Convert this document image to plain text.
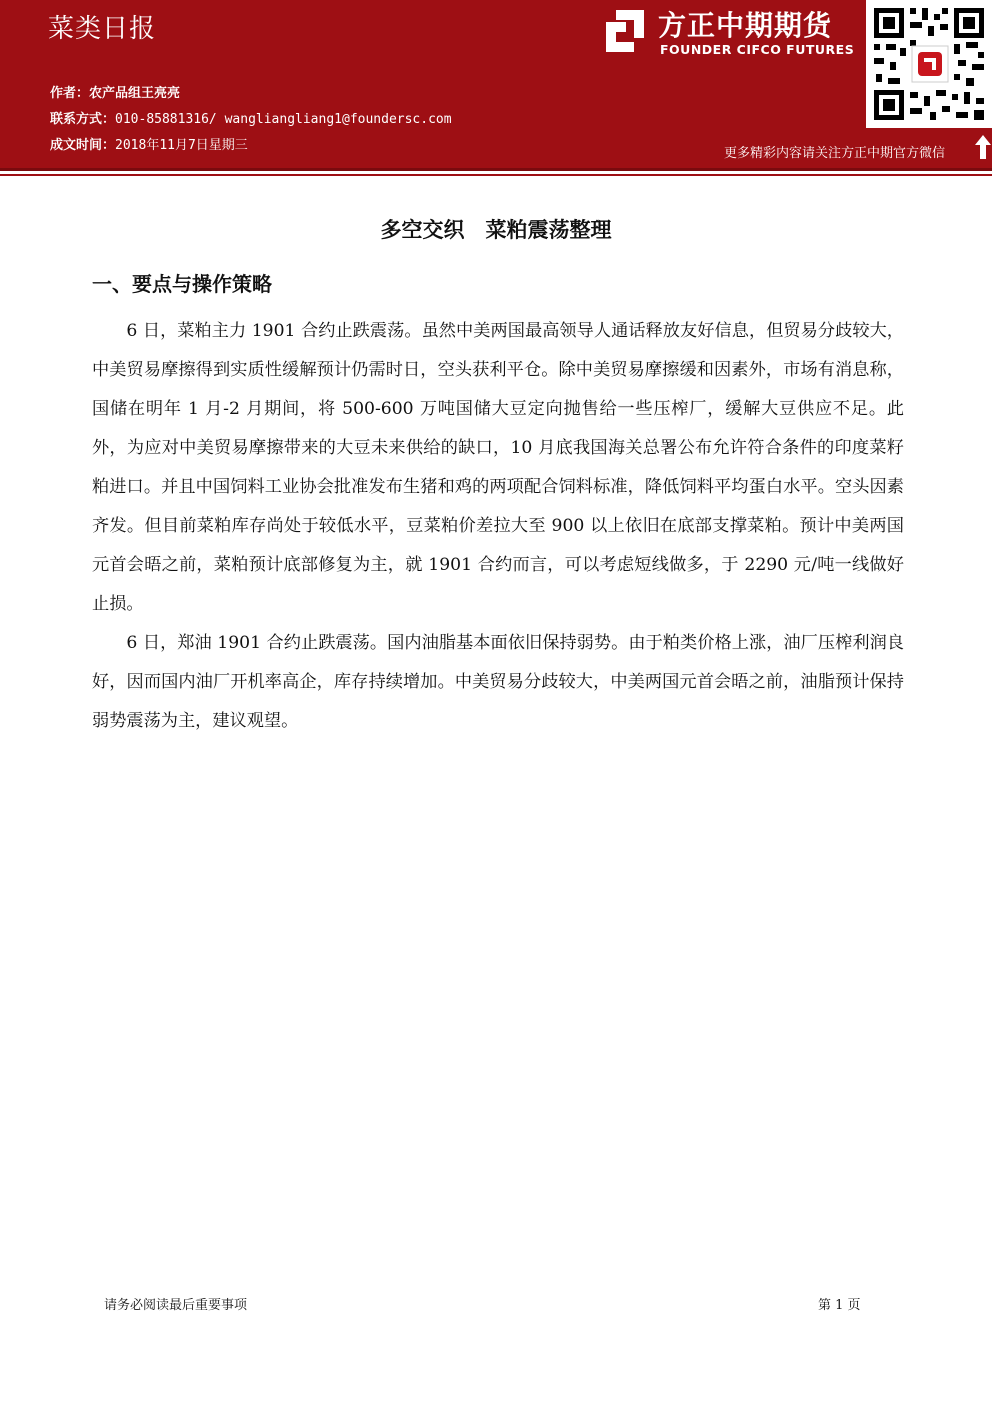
菜类日报
作者：农产品组王亮亮
联系方式：010-85881316/ wangliangliang1@foundersc.com
成文时间：2018年11月7日星期三
方正中期期货
FOUNDER CIFCO FUTURES
更多精彩内容请关注方正中期官方微信
多空交织　菜粕震荡整理
一、要点与操作策略

6 日，菜粕主力 1901 合约止跌震荡。虽然中美两国最高领导人通话释放友好信息，但贸易分歧较大，中美贸易摩擦得到实质性缓解预计仍需时日，空头获利平仓。除中美贸易摩擦缓和因素外，市场有消息称，国储在明年 1 月-2 月期间，将 500-600 万吨国储大豆定向抛售给一些压榨厂，缓解大豆供应不足。此外，为应对中美贸易摩擦带来的大豆未来供给的缺口，10 月底我国海关总署公布允许符合条件的印度菜籽粕进口。并且中国饲料工业协会批准发布生猪和鸡的两项配合饲料标准，降低饲料平均蛋白水平。空头因素齐发。但目前菜粕库存尚处于较低水平，豆菜粕价差拉大至 900 以上依旧在底部支撑菜粕。预计中美两国元首会晤之前，菜粕预计底部修复为主，就 1901 合约而言，可以考虑短线做多，于 2290 元/吨一线做好止损。

6 日，郑油 1901 合约止跌震荡。国内油脂基本面依旧保持弱势。由于粕类价格上涨，油厂压榨利润良好，因而国内油厂开机率高企，库存持续增加。中美贸易分歧较大，中美两国元首会晤之前，油脂预计保持弱势震荡为主，建议观望。

请务必阅读最后重要事项	第 1 页
